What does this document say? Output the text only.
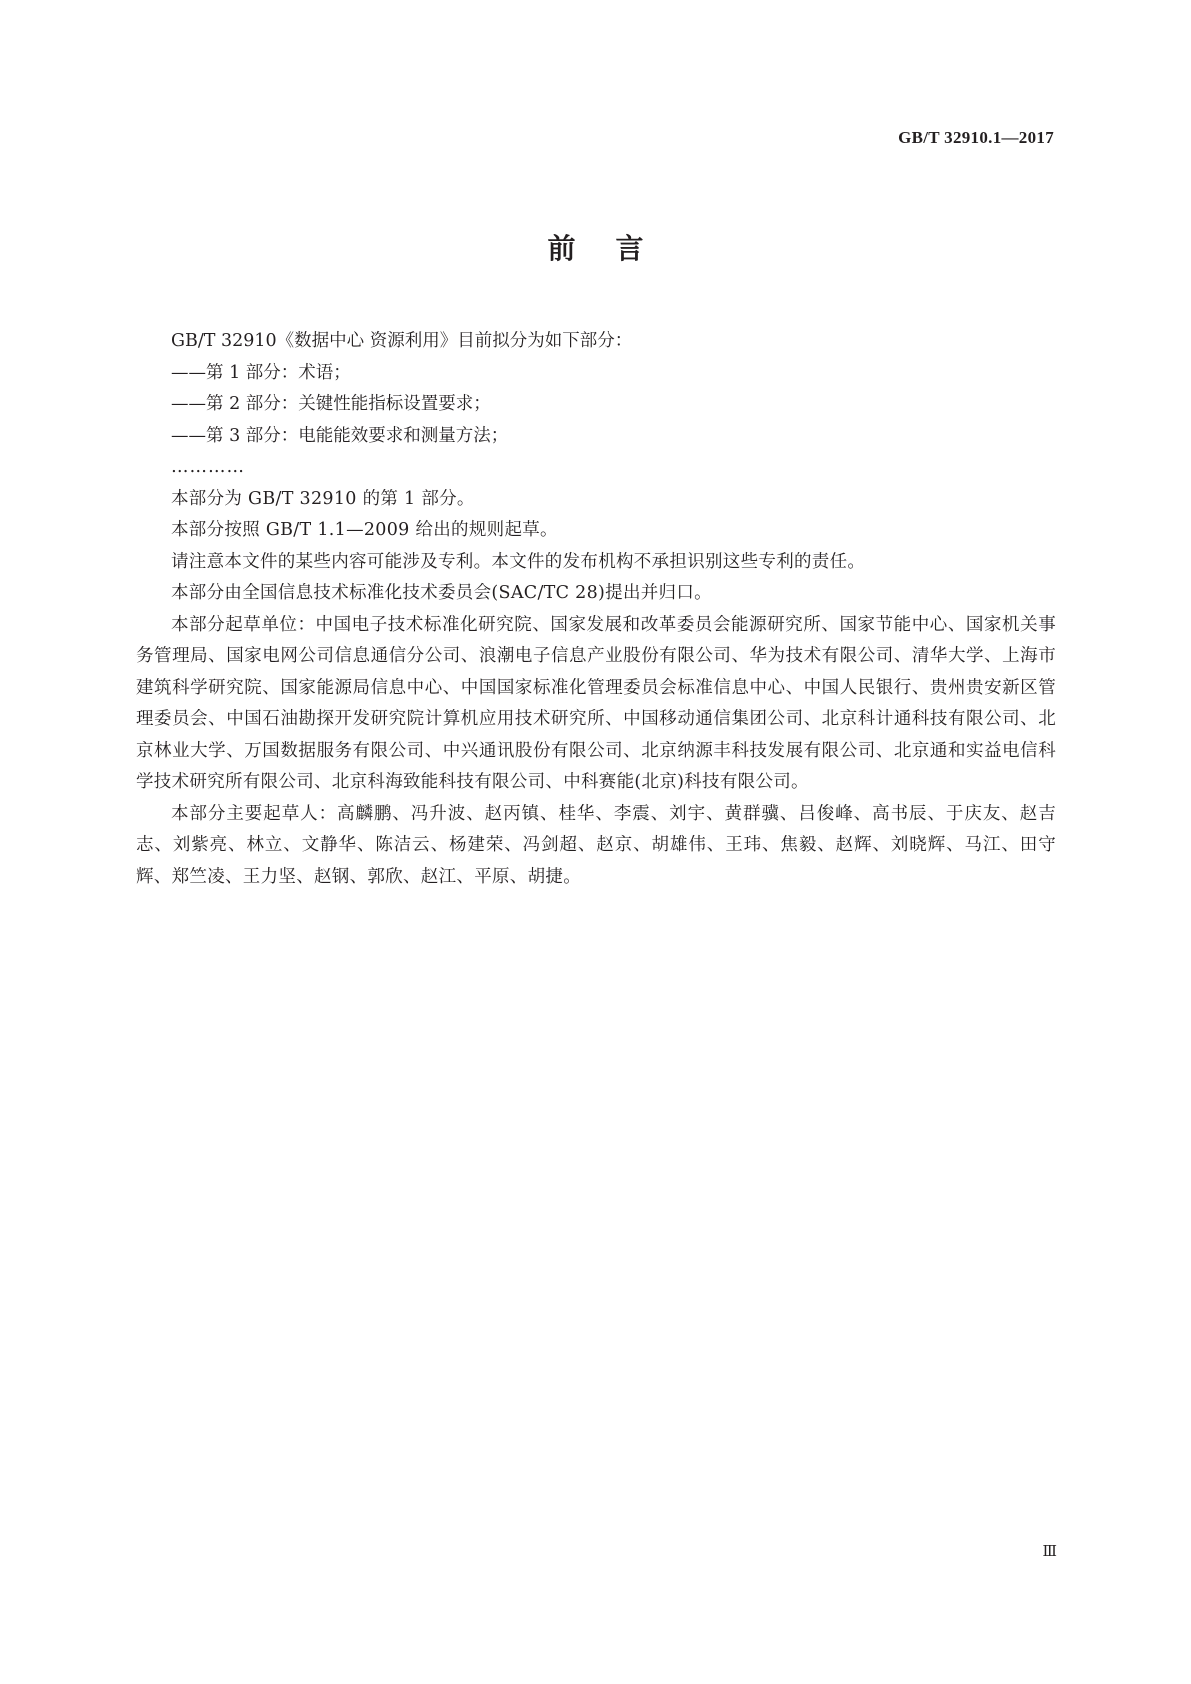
GB/T 32910.1—2017
前言
GB/T 32910《数据中心 资源利用》目前拟分为如下部分：
——第 1 部分：术语；
——第 2 部分：关键性能指标设置要求；
——第 3 部分：电能能效要求和测量方法；
…………
本部分为 GB/T 32910 的第 1 部分。
本部分按照 GB/T 1.1—2009 给出的规则起草。
请注意本文件的某些内容可能涉及专利。本文件的发布机构不承担识别这些专利的责任。
本部分由全国信息技术标准化技术委员会(SAC/TC 28)提出并归口。
本部分起草单位：中国电子技术标准化研究院、国家发展和改革委员会能源研究所、国家节能中心、国家机关事务管理局、国家电网公司信息通信分公司、浪潮电子信息产业股份有限公司、华为技术有限公司、清华大学、上海市建筑科学研究院、国家能源局信息中心、中国国家标准化管理委员会标准信息中心、中国人民银行、贵州贵安新区管理委员会、中国石油勘探开发研究院计算机应用技术研究所、中国移动通信集团公司、北京科计通科技有限公司、北京林业大学、万国数据服务有限公司、中兴通讯股份有限公司、北京纳源丰科技发展有限公司、北京通和实益电信科学技术研究所有限公司、北京科海致能科技有限公司、中科赛能(北京)科技有限公司。
本部分主要起草人：高麟鹏、冯升波、赵丙镇、桂华、李震、刘宇、黄群骥、吕俊峰、高书辰、于庆友、赵吉志、刘紫亮、林立、文静华、陈洁云、杨建荣、冯剑超、赵京、胡雄伟、王玮、焦毅、赵辉、刘晓辉、马江、田守辉、郑竺凌、王力坚、赵钢、郭欣、赵江、平原、胡捷。
Ⅲ
